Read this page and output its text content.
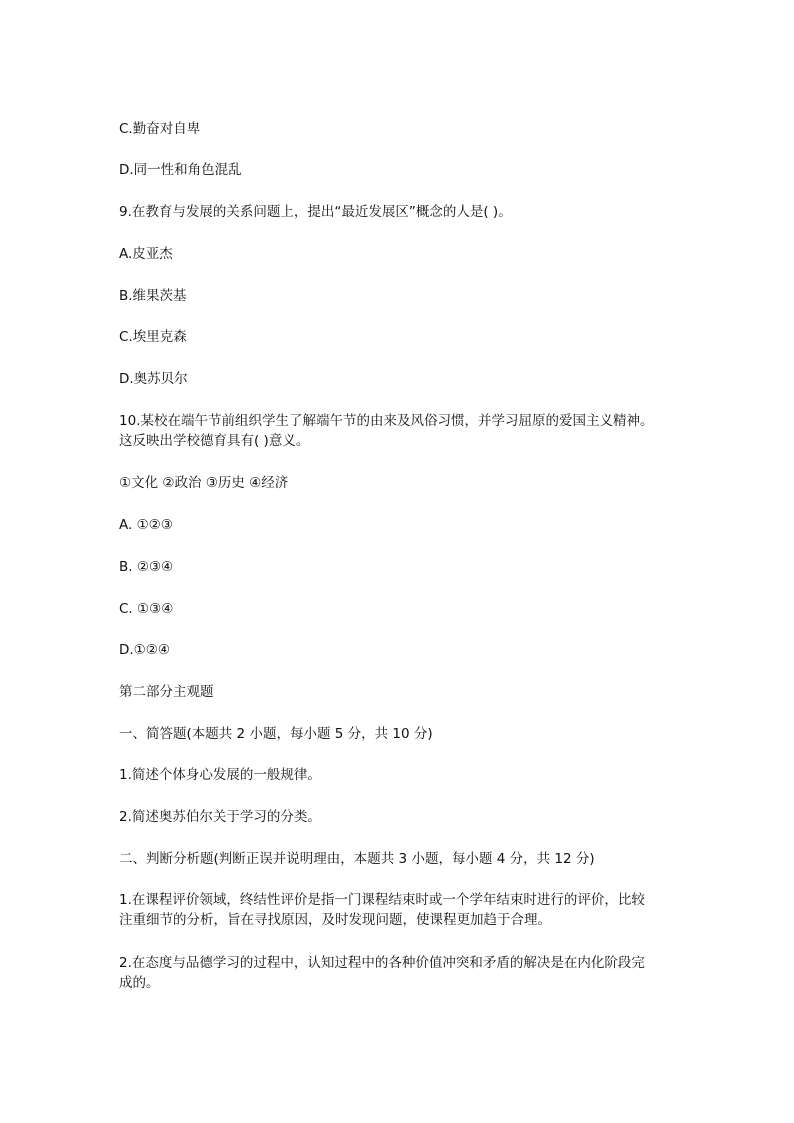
C.勤奋对自卑

D.同一性和角色混乱

9.在教育与发展的关系问题上，提出“最近发展区”概念的人是( )。

A.皮亚杰

B.维果茨基

C.埃里克森

D.奥苏贝尔

10.某校在端午节前组织学生了解端午节的由来及风俗习惯，并学习屈原的爱国主义精神。
这反映出学校德育具有( )意义。

①文化 ②政治 ③历史 ④经济

A. ①②③

B. ②③④

C. ①③④

D.①②④

第二部分主观题

一、简答题(本题共 2 小题，每小题 5 分，共 10 分)

1.简述个体身心发展的一般规律。

2.简述奥苏伯尔关于学习的分类。

二、判断分析题(判断正误并说明理由，本题共 3 小题，每小题 4 分，共 12 分)

1.在课程评价领域，终结性评价是指一门课程结束时或一个学年结束时进行的评价，比较
注重细节的分析，旨在寻找原因，及时发现问题，使课程更加趋于合理。

2.在态度与品德学习的过程中，认知过程中的各种价值冲突和矛盾的解决是在内化阶段完
成的。
